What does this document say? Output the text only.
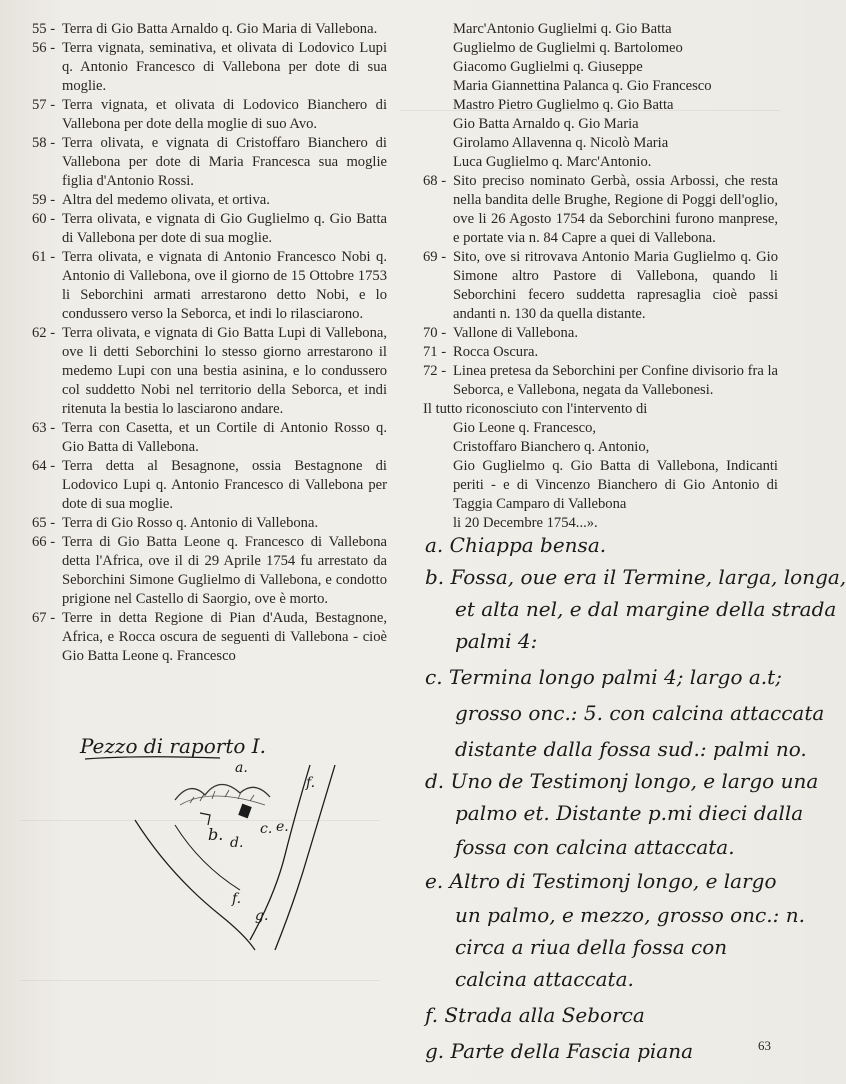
55 - Terra di Gio Batta Arnaldo q. Gio Maria di Vallebona.

56 - Terra vignata, seminativa, et olivata di Lodovico Lupi q. Antonio Francesco di Vallebona per dote di sua moglie.

57 - Terra vignata, et olivata di Lodovico Bianchero di Vallebona per dote della moglie di suo Avo.

58 - Terra olivata, e vignata di Cristoffaro Bianchero di Vallebona per dote di Maria Francesca sua moglie figlia d'Antonio Rossi.

59 - Altra del medemo olivata, et ortiva.

60 - Terra olivata, e vignata di Gio Guglielmo q. Gio Batta di Vallebona per dote di sua moglie.

61 - Terra olivata, e vignata di Antonio Francesco Nobi q. Antonio di Vallebona, ove il giorno de 15 Ottobre 1753 li Seborchini armati arrestarono detto Nobi, e lo condussero verso la Seborca, et indi lo rilasciarono.

62 - Terra olivata, e vignata di Gio Batta Lupi di Vallebona, ove li detti Seborchini lo stesso giorno arrestarono il medemo Lupi con una bestia asinina, e lo condussero col suddetto Nobi nel territorio della Seborca, et indi ritenuta la bestia lo lasciarono andare.

63 - Terra con Casetta, et un Cortile di Antonio Rosso q. Gio Batta di Vallebona.

64 - Terra detta al Besagnone, ossia Bestagnone di Lodovico Lupi q. Antonio Francesco di Vallebona per dote di sua moglie.

65 - Terra di Gio Rosso q. Antonio di Vallebona.

66 - Terra di Gio Batta Leone q. Francesco di Vallebona detta l'Africa, ove il di 29 Aprile 1754 fu arrestato da Seborchini Simone Guglielmo di Vallebona, e condotto prigione nel Castello di Saorgio, ove è morto.

67 - Terre in detta Regione di Pian d'Auda, Bestagnone, Africa, e Rocca oscura de seguenti di Vallebona - cioè Gio Batta Leone q. Francesco

Marc'Antonio Guglielmi q. Gio Batta

Guglielmo de Guglielmi q. Bartolomeo

Giacomo Guglielmi q. Giuseppe

Maria Giannettina Palanca q. Gio Francesco

Mastro Pietro Guglielmo q. Gio Batta

Gio Batta Arnaldo q. Gio Maria

Girolamo Allavenna q. Nicolò Maria

Luca Guglielmo q. Marc'Antonio.

68 - Sito preciso nominato Gerbà, ossia Arbossi, che resta nella bandita delle Brughe, Regione di Poggi dell'oglio, ove li 26 Agosto 1754 da Seborchini furono manprese, e portate via n. 84 Capre a quei di Vallebona.

69 - Sito, ove si ritrovava Antonio Maria Guglielmo q. Gio Simone altro Pastore di Vallebona, quando li Seborchini fecero suddetta rapresaglia cioè passi andanti n. 130 da quella distante.

70 - Vallone di Vallebona.

71 - Rocca Oscura.

72 - Linea pretesa da Seborchini per Confine divisorio fra la Seborca, e Vallebona, negata da Vallebonesi.

Il tutto riconosciuto con l'intervento di

Gio Leone q. Francesco,

Cristoffaro Bianchero q. Antonio,

Gio Guglielmo q. Gio Batta di Vallebona, Indicanti periti - e di Vincenzo Bianchero di Gio Antonio di Taggia Camparo di Vallebona

li 20 Decembre 1754...».

Pezzo di raporto I.
a.
b.	c.
d.
e.
f.
f.
g.
a. Chiappa bensa.
b. Fossa, oue era il Termine, larga, longa,
et alta nel, e dal margine della strada
palmi 4:
c. Termina longo palmi 4; largo a.t;
grosso onc.: 5. con calcina attaccata
distante dalla fossa sud.: palmi no.
d. Uno de Testimonj longo, e largo una
palmo et. Distante p.mi dieci dalla
fossa con calcina attaccata.
e. Altro di Testimonj longo, e largo
un palmo, e mezzo, grosso onc.: n.
circa a riua della fossa con
calcina attaccata.
f. Strada alla Seborca
g. Parte della Fascia piana	63
